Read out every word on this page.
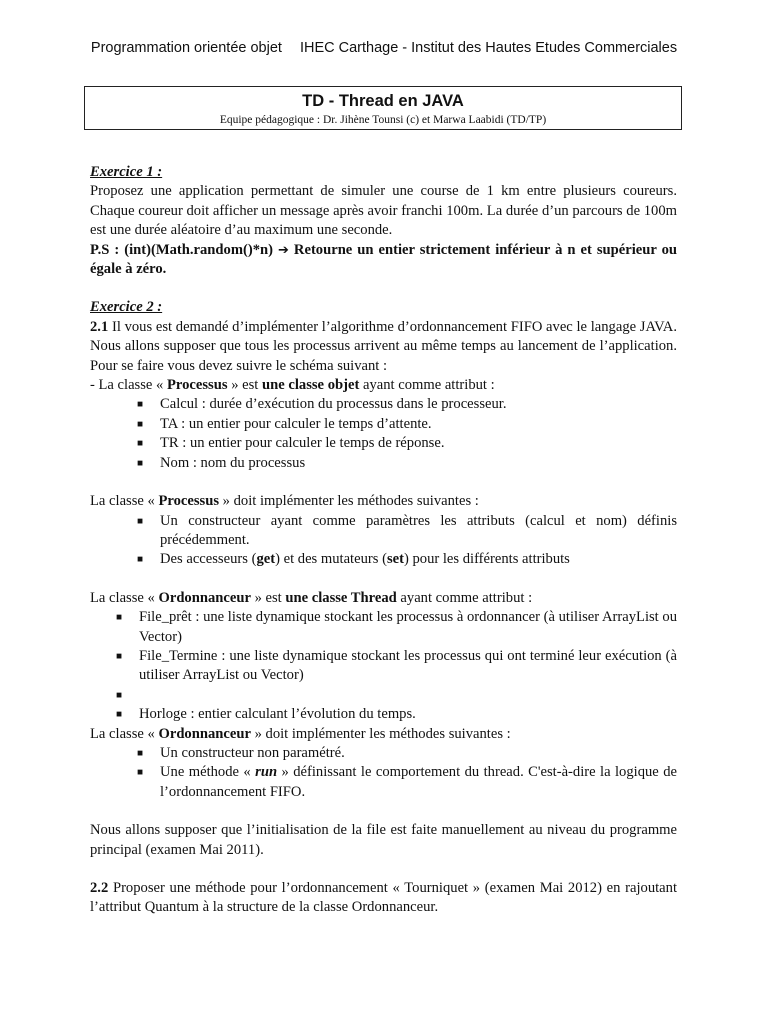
Programmation orientée objet IHEC Carthage - Institut des Hautes Etudes Commerciales
TD - Thread en JAVA
Equipe pédagogique : Dr. Jihène Tounsi (c) et Marwa Laabidi (TD/TP)
Exercice 1 :
Proposez une application permettant de simuler une course de 1 km entre plusieurs coureurs. Chaque coureur doit afficher un message après avoir franchi 100m. La durée d’un parcours de 100m est une durée aléatoire d’au maximum une seconde.
P.S : (int)(Math.random()*n) ➔ Retourne un entier strictement inférieur à n et supérieur ou égale à zéro.
Exercice 2 :
2.1 Il vous est demandé d’implémenter l’algorithme d’ordonnancement FIFO avec le langage JAVA. Nous allons supposer que tous les processus arrivent au même temps au lancement de l’application. Pour se faire vous devez suivre le schéma suivant :
- La classe « Processus » est une classe objet ayant comme attribut :
■ Calcul : durée d’exécution du processus dans le processeur.
■ TA : un entier pour calculer le temps d’attente.
■ TR : un entier pour calculer le temps de réponse.
■ Nom : nom du processus
La classe « Processus » doit implémenter les méthodes suivantes :
■ Un constructeur ayant comme paramètres les attributs (calcul et nom) définis précédemment.
■ Des accesseurs (get) et des mutateurs (set) pour les différents attributs
La classe « Ordonnanceur » est une classe Thread ayant comme attribut :
■ File_prêt : une liste dynamique stockant les processus à ordonnancer (à utiliser ArrayList ou Vector)
■ File_Termine : une liste dynamique stockant les processus qui ont terminé leur exécution (à utiliser ArrayList ou Vector)
■
■ Horloge : entier calculant l’évolution du temps.
La classe « Ordonnanceur » doit implémenter les méthodes suivantes :
■ Un constructeur non paramétré.
■ Une méthode « run » définissant le comportement du thread. C'est-à-dire la logique de l’ordonnancement FIFO.
Nous allons supposer que l’initialisation de la file est faite manuellement au niveau du programme principal (examen Mai 2011).
2.2 Proposer une méthode pour l’ordonnancement « Tourniquet » (examen Mai 2012) en rajoutant l’attribut Quantum à la structure de la classe Ordonnanceur.
